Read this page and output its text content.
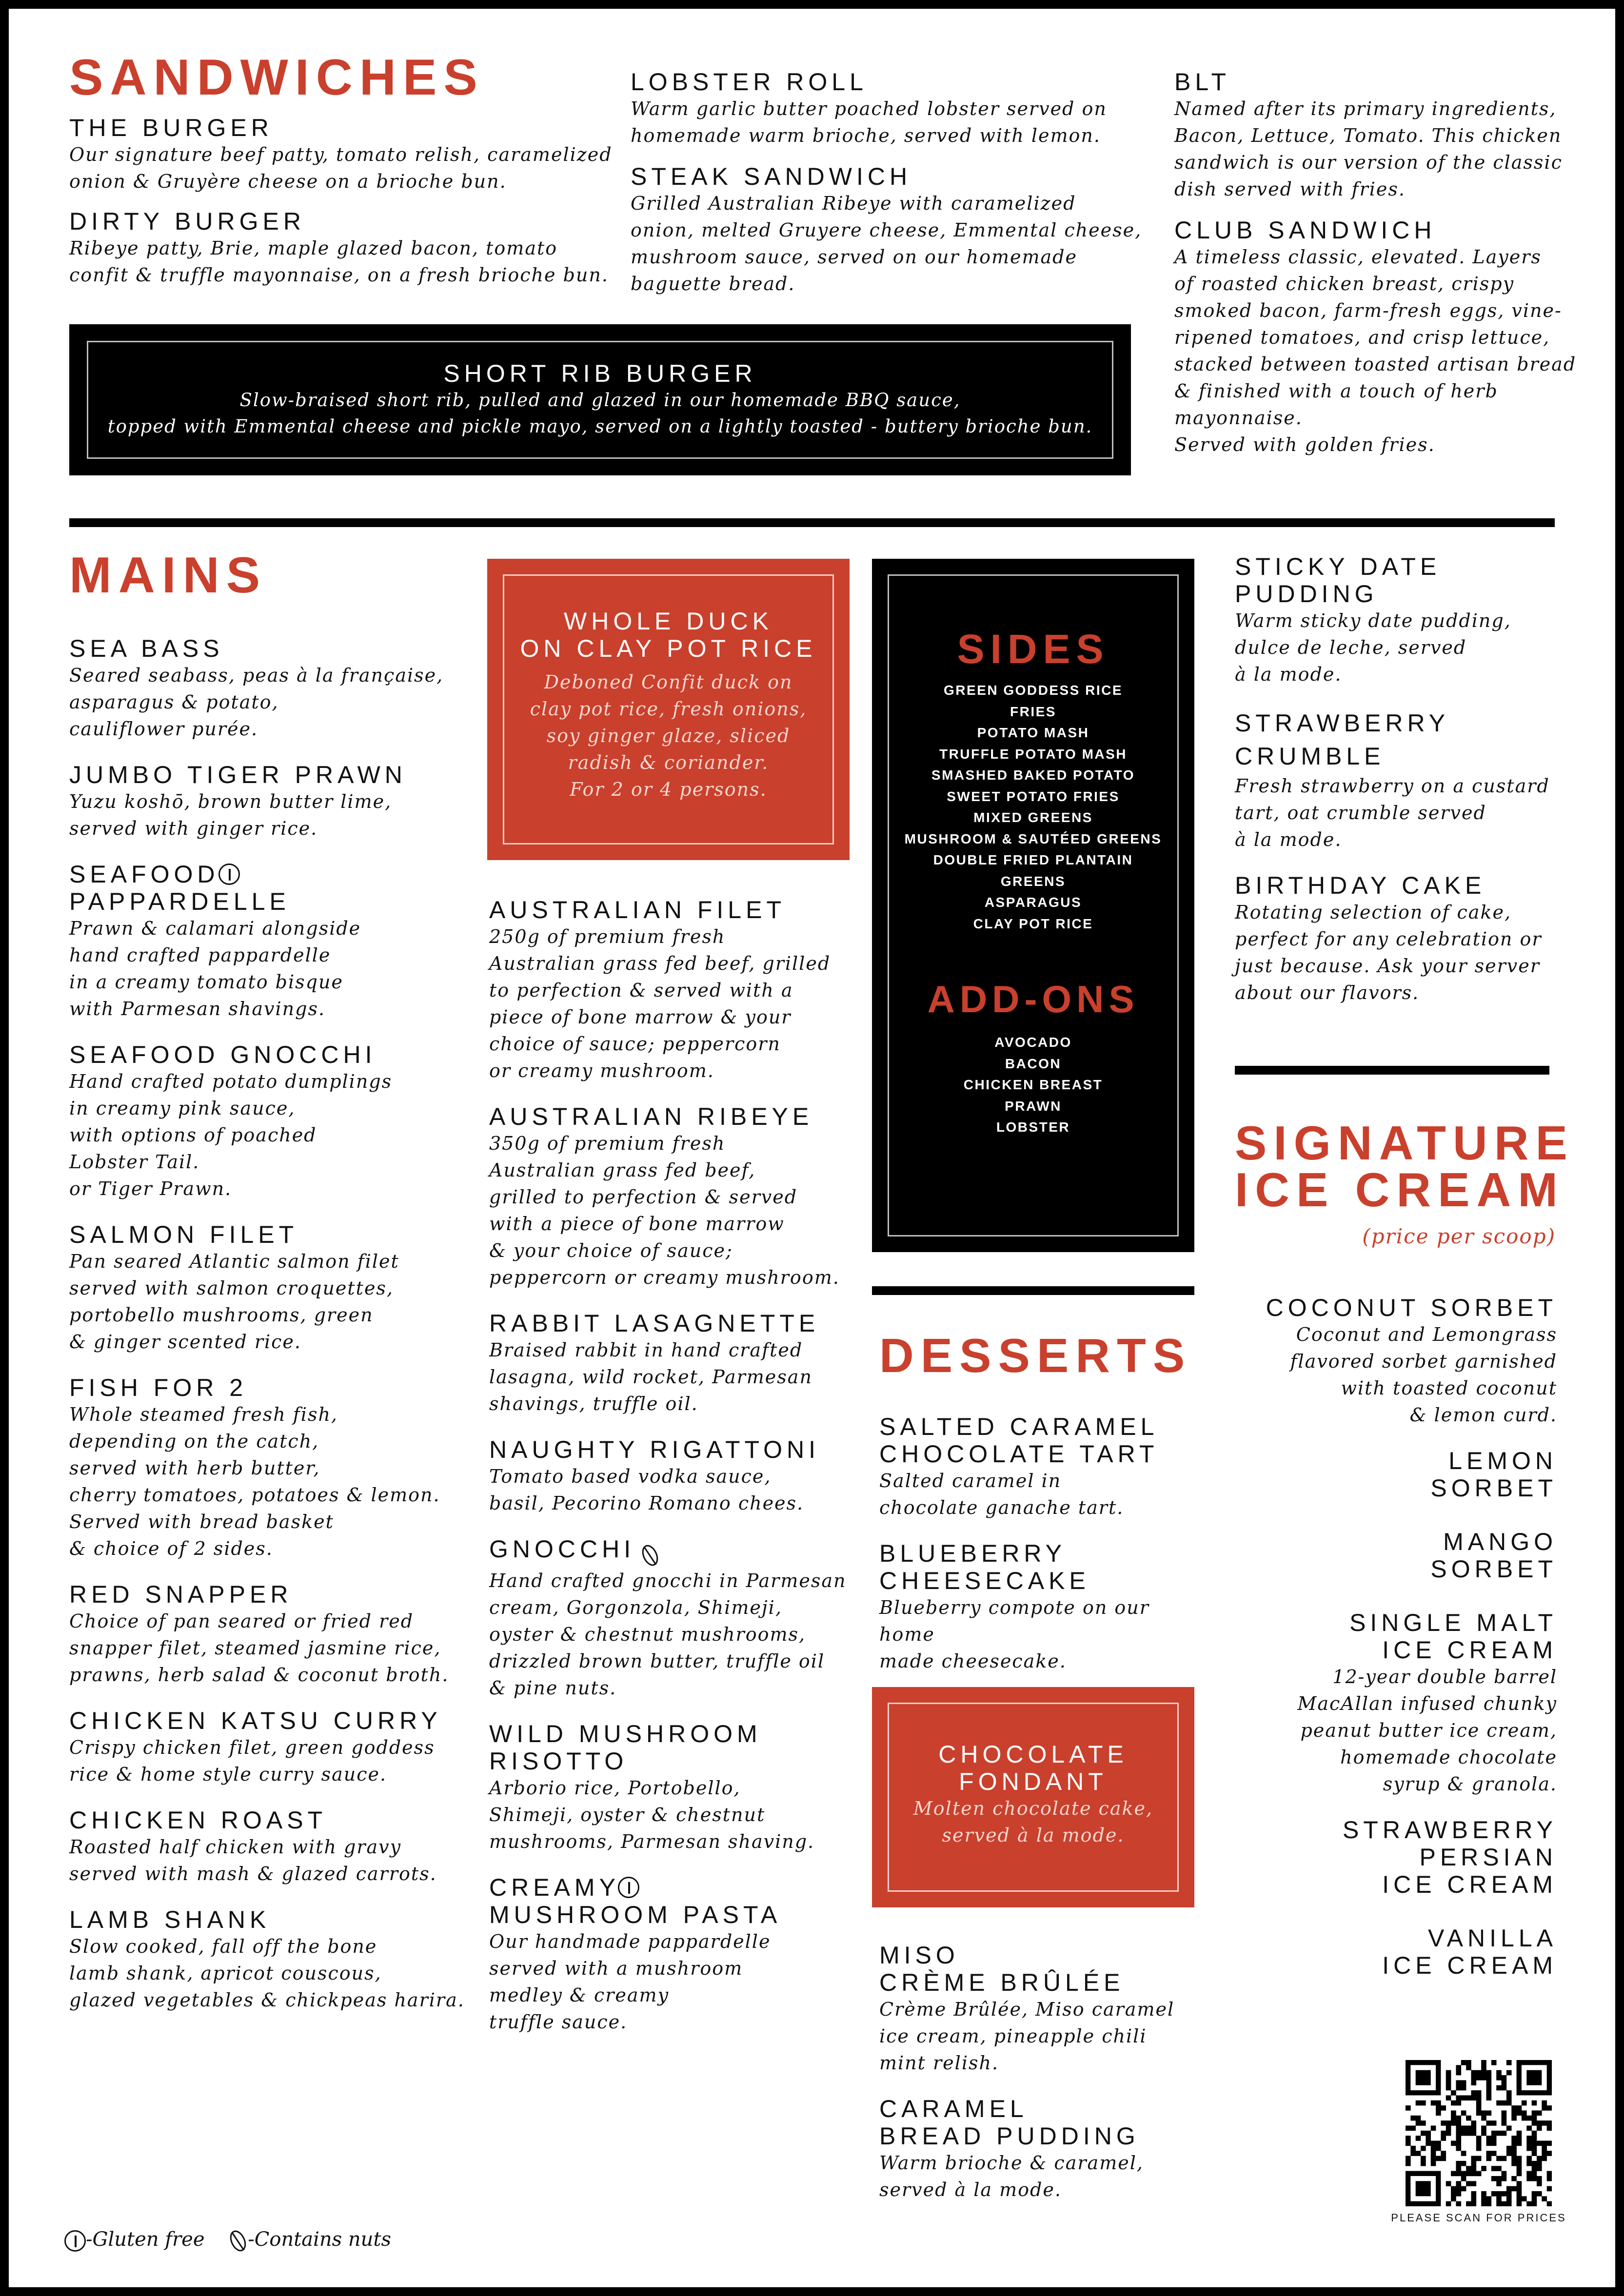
SANDWICHES
THE BURGER
Our signature beef patty, tomato relish, caramelized
onion & Gruyère cheese on a brioche bun.
DIRTY BURGER
Ribeye patty, Brie, maple glazed bacon, tomato
confit & truffle mayonnaise, on a fresh brioche bun.
LOBSTER ROLL
Warm garlic butter poached lobster served on
homemade warm brioche, served with lemon.
STEAK SANDWICH
Grilled Australian Ribeye with caramelized
onion, melted Gruyere cheese, Emmental cheese,
mushroom sauce, served on our homemade
baguette bread.
BLT
Named after its primary ingredients,
Bacon, Lettuce, Tomato. This chicken
sandwich is our version of the classic
dish served with fries.
CLUB SANDWICH
A timeless classic, elevated. Layers
of roasted chicken breast, crispy
smoked bacon, farm-fresh eggs, vine-
ripened tomatoes, and crisp lettuce,
stacked between toasted artisan bread
& finished with a touch of herb
mayonnaise.
Served with golden fries.
SHORT RIB BURGER
Slow-braised short rib, pulled and glazed in our homemade BBQ sauce,
topped with Emmental cheese and pickle mayo, served on a lightly toasted - buttery brioche bun.
MAINS
SEA BASS
Seared seabass, peas à la française,
asparagus & potato,
cauliflower purée.
JUMBO TIGER PRAWN
Yuzu koshō, brown butter lime,
served with ginger rice.
SEAFOOD
PAPPARDELLE
Prawn & calamari alongside
hand crafted pappardelle
in a creamy tomato bisque
with Parmesan shavings.
SEAFOOD GNOCCHI
Hand crafted potato dumplings
in creamy pink sauce,
with options of poached
Lobster Tail.
or Tiger Prawn.
SALMON FILET
Pan seared Atlantic salmon filet
served with salmon croquettes,
portobello mushrooms, green
& ginger scented rice.
FISH FOR 2
Whole steamed fresh fish,
depending on the catch,
served with herb butter,
cherry tomatoes, potatoes & lemon.
Served with bread basket
& choice of 2 sides.
RED SNAPPER
Choice of pan seared or fried red
snapper filet, steamed jasmine rice,
prawns, herb salad & coconut broth.
CHICKEN KATSU CURRY
Crispy chicken filet, green goddess
rice & home style curry sauce.
CHICKEN ROAST
Roasted half chicken with gravy
served with mash & glazed carrots.
LAMB SHANK
Slow cooked, fall off the bone
lamb shank, apricot couscous,
glazed vegetables & chickpeas harira.
WHOLE DUCK
ON CLAY POT RICE
Deboned Confit duck on
clay pot rice, fresh onions,
soy ginger glaze, sliced
radish & coriander.
For 2 or 4 persons.
AUSTRALIAN FILET
250g of premium fresh
Australian grass fed beef, grilled
to perfection & served with a
piece of bone marrow & your
choice of sauce; peppercorn
or creamy mushroom.
AUSTRALIAN RIBEYE
350g of premium fresh
Australian grass fed beef,
grilled to perfection & served
with a piece of bone marrow
& your choice of sauce;
peppercorn or creamy mushroom.
RABBIT LASAGNETTE
Braised rabbit in hand crafted
lasagna, wild rocket, Parmesan
shavings, truffle oil.
NAUGHTY RIGATTONI
Tomato based vodka sauce,
basil, Pecorino Romano chees.
GNOCCHI
Hand crafted gnocchi in Parmesan
cream, Gorgonzola, Shimeji,
oyster & chestnut mushrooms,
drizzled brown butter, truffle oil
& pine nuts.
WILD MUSHROOM
RISOTTO
Arborio rice, Portobello,
Shimeji, oyster & chestnut
mushrooms, Parmesan shaving.
CREAMY
MUSHROOM PASTA
Our handmade pappardelle
served with a mushroom
medley & creamy
truffle sauce.
SIDES
GREEN GODDESS RICE
FRIES
POTATO MASH
TRUFFLE POTATO MASH
SMASHED BAKED POTATO
SWEET POTATO FRIES
MIXED GREENS
MUSHROOM & SAUTÉED GREENS
DOUBLE FRIED PLANTAIN
GREENS
ASPARAGUS
CLAY POT RICE
ADD-ONS
AVOCADO
BACON
CHICKEN BREAST
PRAWN
LOBSTER
DESSERTS
SALTED CARAMEL
CHOCOLATE TART
Salted caramel in
chocolate ganache tart.
BLUEBERRY
CHEESECAKE
Blueberry compote on our home
made cheesecake.
CHOCOLATE
FONDANT
Molten chocolate cake,
served à la mode.
MISO
CRÈME BRÛLÉE
Crème Brûlée, Miso caramel
ice cream, pineapple chili
mint relish.
CARAMEL
BREAD PUDDING
Warm brioche & caramel,
served à la mode.
STICKY DATE
PUDDING
Warm sticky date pudding,
dulce de leche, served
à la mode.
STRAWBERRY
CRUMBLE
Fresh strawberry on a custard
tart, oat crumble served
à la mode.
BIRTHDAY CAKE
Rotating selection of cake,
perfect for any celebration or
just because. Ask your server
about our flavors.
SIGNATURE
ICE CREAM
(price per scoop)
COCONUT SORBET
Coconut and Lemongrass
flavored sorbet garnished
with toasted coconut
& lemon curd.
LEMON
SORBET
MANGO
SORBET
SINGLE MALT
ICE CREAM
12-year double barrel
MacAllan infused chunky
peanut butter ice cream,
homemade chocolate
syrup & granola.
STRAWBERRY
PERSIAN
ICE CREAM
VANILLA
ICE CREAM
PLEASE SCAN FOR PRICES
-Gluten free -Contains nuts
